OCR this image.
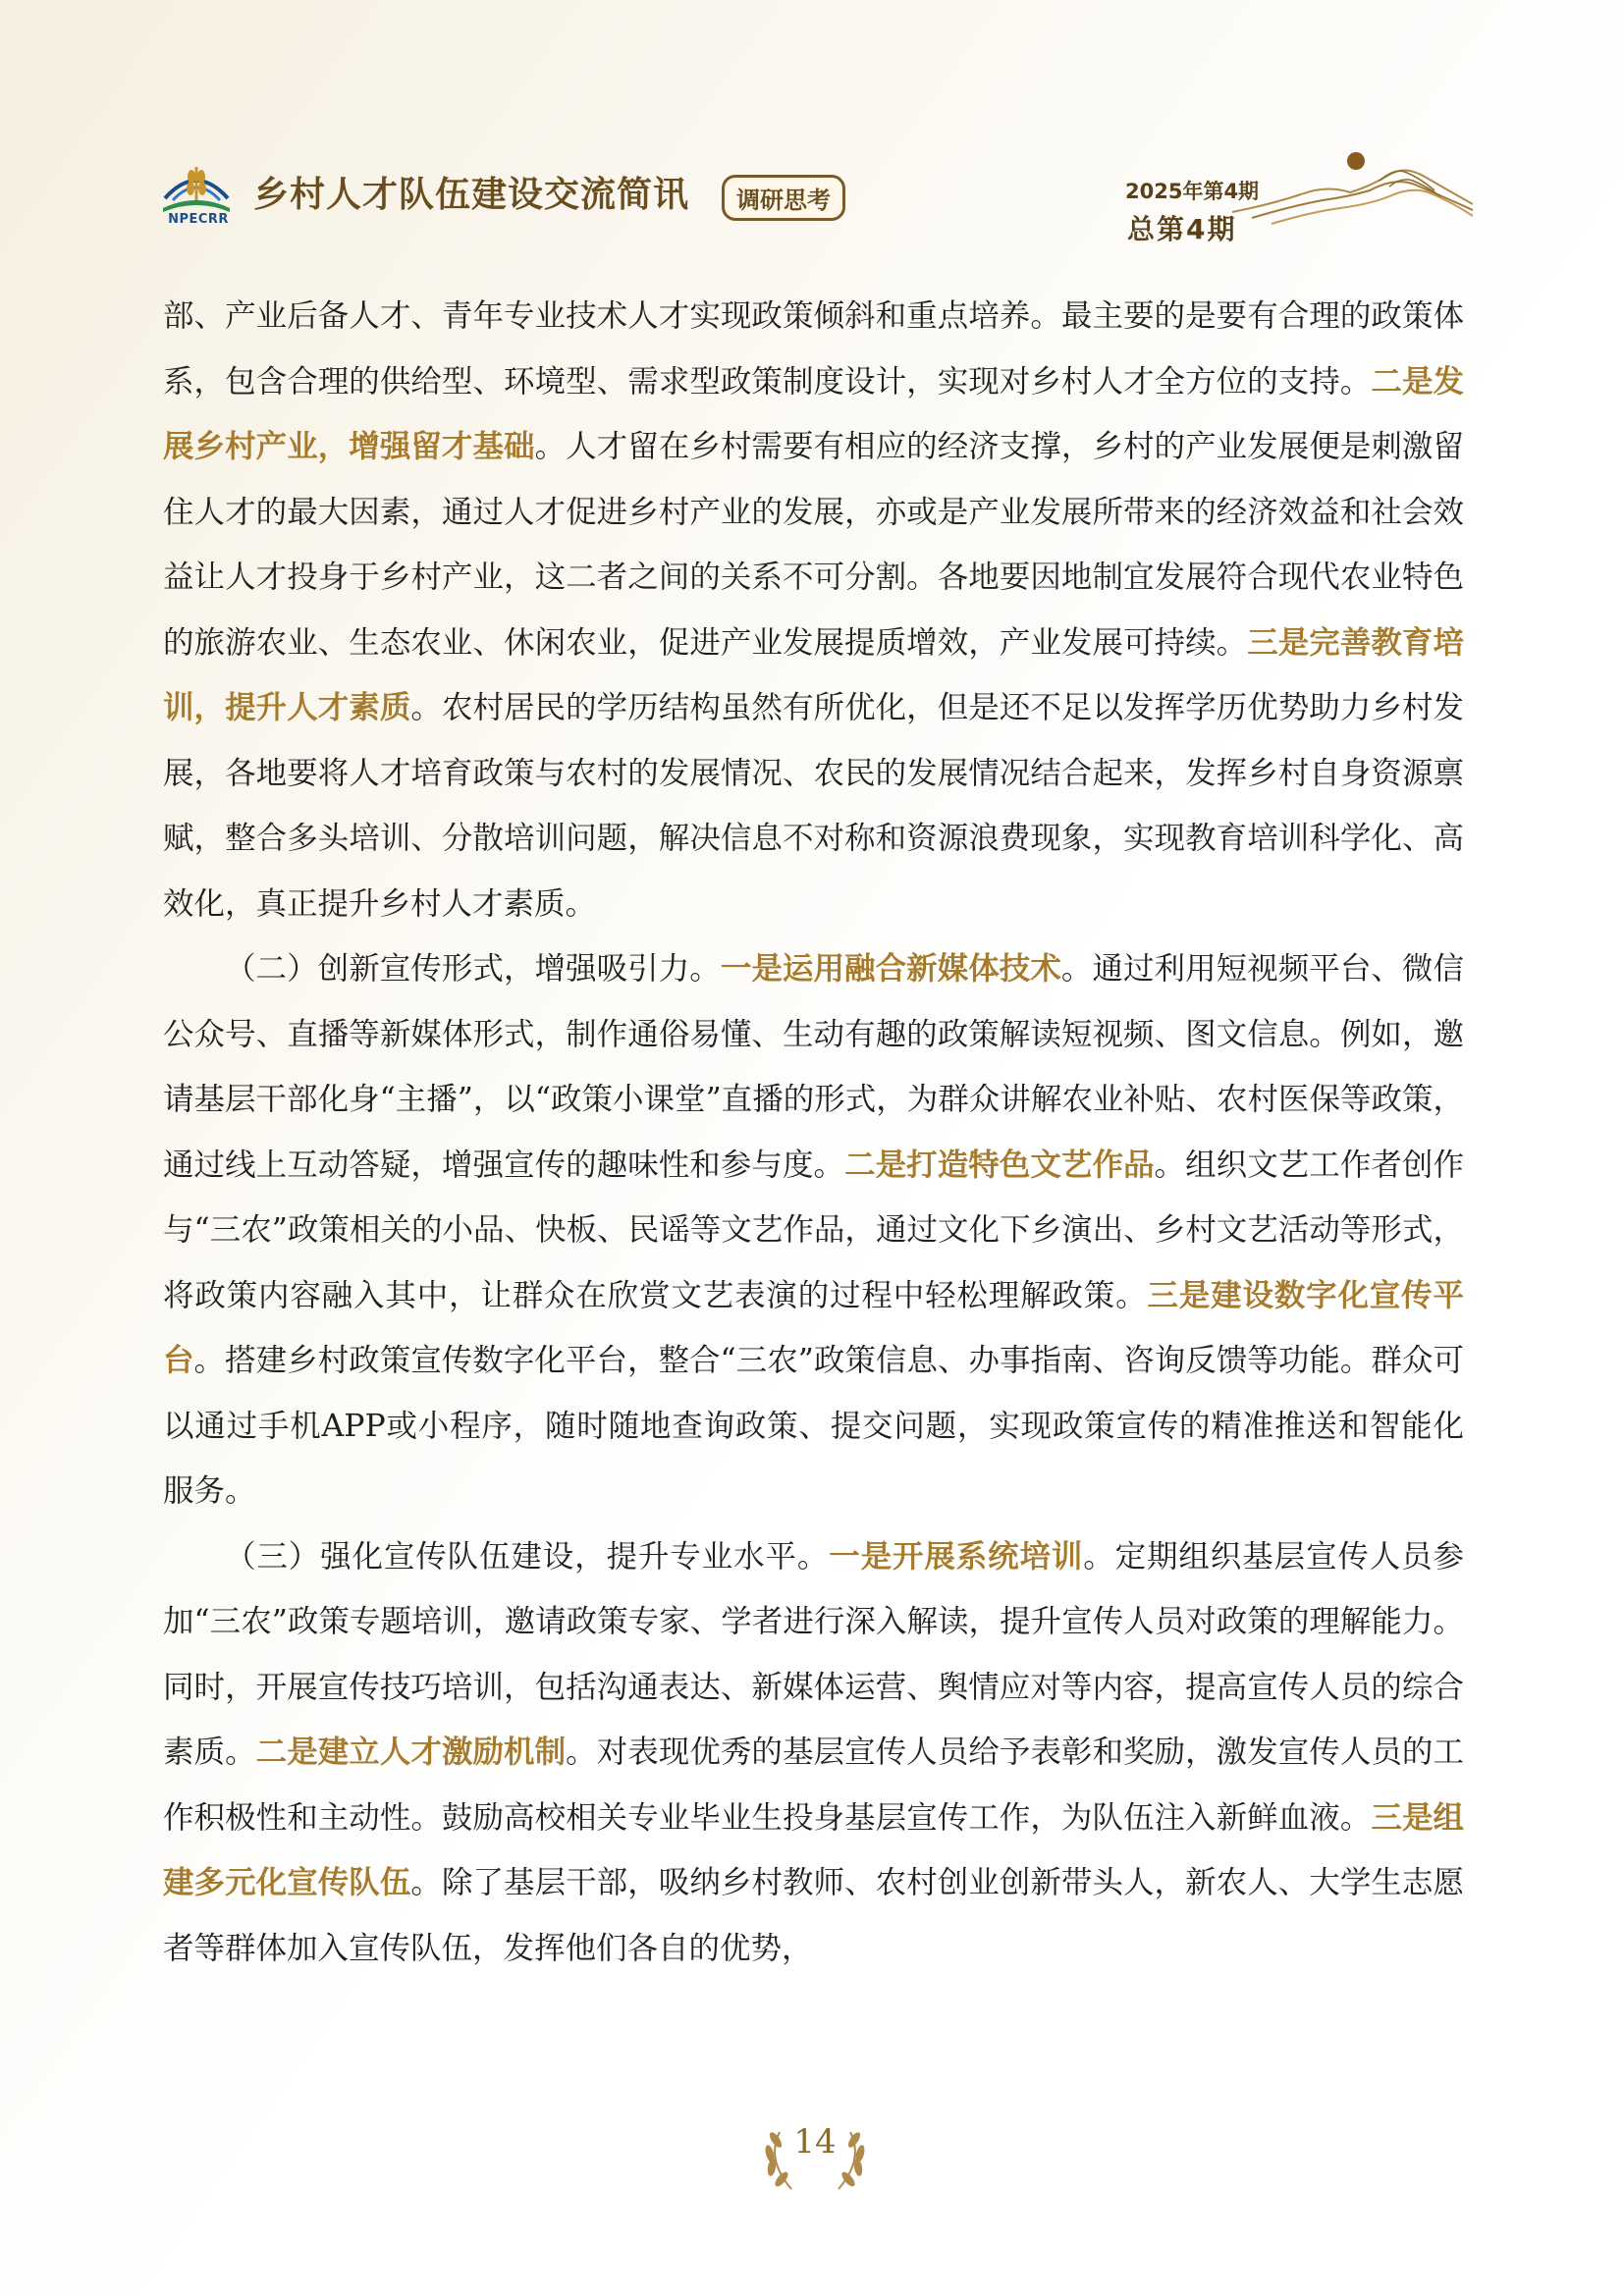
NPECRR
乡村人才队伍建设交流简讯	调研思考	2025年第4期
总第4期

部、产业后备人才、青年专业技术人才实现政策倾斜和重点培养。最主要的是要有合理的政策体系，包含合理的供给型、环境型、需求型政策制度设计，实现对乡村人才全方位的支持。二是发展乡村产业，增强留才基础。人才留在乡村需要有相应的经济支撑，乡村的产业发展便是刺激留住人才的最大因素，通过人才促进乡村产业的发展，亦或是产业发展所带来的经济效益和社会效益让人才投身于乡村产业，这二者之间的关系不可分割。各地要因地制宜发展符合现代农业特色的旅游农业、生态农业、休闲农业，促进产业发展提质增效，产业发展可持续。三是完善教育培训，提升人才素质。农村居民的学历结构虽然有所优化，但是还不足以发挥学历优势助力乡村发展，各地要将人才培育政策与农村的发展情况、农民的发展情况结合起来，发挥乡村自身资源禀赋，整合多头培训、分散培训问题，解决信息不对称和资源浪费现象，实现教育培训科学化、高效化，真正提升乡村人才素质。

（二）创新宣传形式，增强吸引力。一是运用融合新媒体技术。通过利用短视频平台、微信公众号、直播等新媒体形式，制作通俗易懂、生动有趣的政策解读短视频、图文信息。例如，邀请基层干部化身“主播”，以“政策小课堂”直播的形式，为群众讲解农业补贴、农村医保等政策，通过线上互动答疑，增强宣传的趣味性和参与度。二是打造特色文艺作品。组织文艺工作者创作与“三农”政策相关的小品、快板、民谣等文艺作品，通过文化下乡演出、乡村文艺活动等形式，将政策内容融入其中，让群众在欣赏文艺表演的过程中轻松理解政策。三是建设数字化宣传平台。搭建乡村政策宣传数字化平台，整合“三农”政策信息、办事指南、咨询反馈等功能。群众可以通过手机APP或小程序，随时随地查询政策、提交问题，实现政策宣传的精准推送和智能化服务。

（三）强化宣传队伍建设，提升专业水平。一是开展系统培训。定期组织基层宣传人员参加“三农”政策专题培训，邀请政策专家、学者进行深入解读，提升宣传人员对政策的理解能力。同时，开展宣传技巧培训，包括沟通表达、新媒体运营、舆情应对等内容，提高宣传人员的综合素质。二是建立人才激励机制。对表现优秀的基层宣传人员给予表彰和奖励，激发宣传人员的工作积极性和主动性。鼓励高校相关专业毕业生投身基层宣传工作，为队伍注入新鲜血液。三是组建多元化宣传队伍。除了基层干部，吸纳乡村教师、农村创业创新带头人，新农人、大学生志愿者等群体加入宣传队伍，发挥他们各自的优势，

14
